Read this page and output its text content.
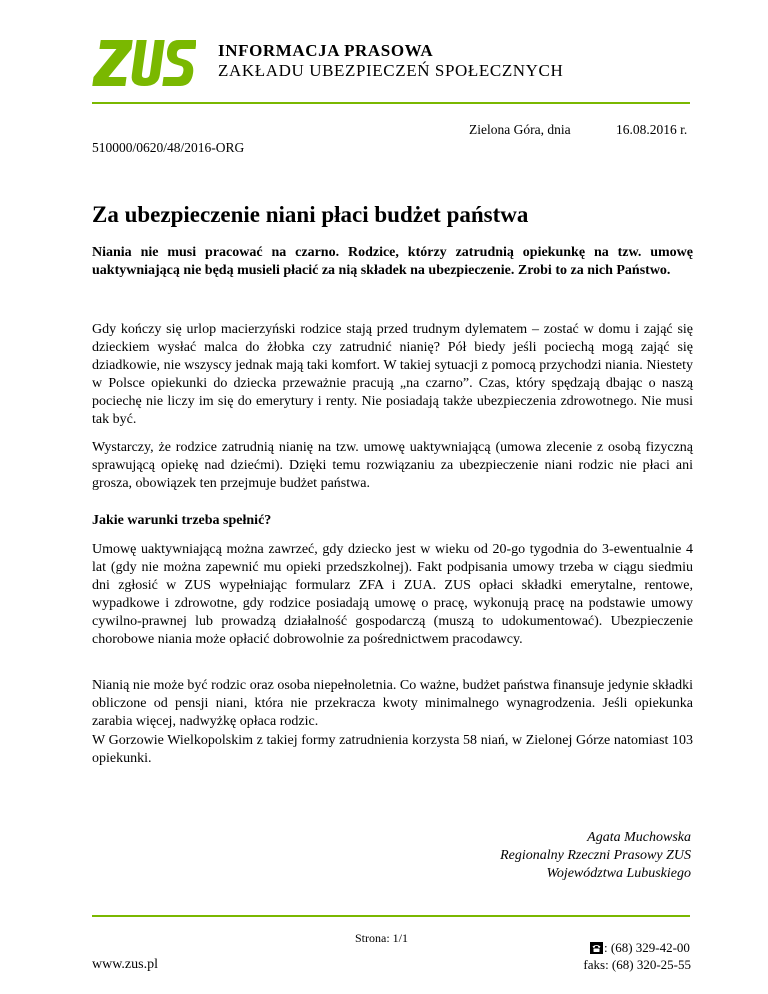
INFORMACJA PRASOWA
ZAKŁADU UBEZPIECZEŃ SPOŁECZNYCH
Zielona Góra, dnia	16.08.2016 r.
510000/0620/48/2016-ORG
Za ubezpieczenie niani płaci budżet państwa

Niania nie musi pracować na czarno. Rodzice, którzy zatrudnią opiekunkę na tzw. umowę uaktywniającą nie będą musieli płacić za nią składek na ubezpieczenie. Zrobi to za nich Państwo.

Gdy kończy się urlop macierzyński rodzice stają przed trudnym dylematem – zostać w domu i zająć się dzieckiem wysłać malca do żłobka czy zatrudnić nianię? Pół biedy jeśli pociechą mogą zająć się dziadkowie, nie wszyscy jednak mają taki komfort. W takiej sytuacji z pomocą przychodzi niania. Niestety w Polsce opiekunki do dziecka przeważnie pracują „na czarno”. Czas, który spędzają dbając o naszą pociechę nie liczy im się do emerytury i renty. Nie posiadają także ubezpieczenia zdrowotnego. Nie musi tak być.

Wystarczy, że rodzice zatrudnią nianię na tzw. umowę uaktywniającą (umowa zlecenie z osobą fizyczną sprawującą opiekę nad dziećmi). Dzięki temu rozwiązaniu za ubezpieczenie niani rodzic nie płaci ani grosza, obowiązek ten przejmuje budżet państwa.

Jakie warunki trzeba spełnić?

Umowę uaktywniającą można zawrzeć, gdy dziecko jest w wieku od 20-go tygodnia do 3-ewentualnie 4 lat (gdy nie można zapewnić mu opieki przedszkolnej). Fakt podpisania umowy trzeba w ciągu siedmiu dni zgłosić w ZUS wypełniając formularz ZFA i ZUA. ZUS opłaci składki emerytalne, rentowe, wypadkowe i zdrowotne, gdy rodzice posiadają umowę o pracę, wykonują pracę na podstawie umowy cywilno-prawnej lub prowadzą działalność gospodarczą (muszą to udokumentować). Ubezpieczenie chorobowe niania może opłacić dobrowolnie za pośrednictwem pracodawcy.

Nianią nie może być rodzic oraz osoba niepełnoletnia. Co ważne, budżet państwa finansuje jedynie składki obliczone od pensji niani, która nie przekracza kwoty minimalnego wynagrodzenia. Jeśli opiekunka zarabia więcej, nadwyżkę opłaca rodzic.

W Gorzowie Wielkopolskim z takiej formy zatrudnienia korzysta 58 niań, w Zielonej Górze natomiast 103 opiekunki.

Agata Muchowska
Regionalny Rzeczni Prasowy ZUS
Województwa Lubuskiego
Strona: 1/1
www.zus.pl
: (68) 329-42-00
faks: (68) 320-25-55
